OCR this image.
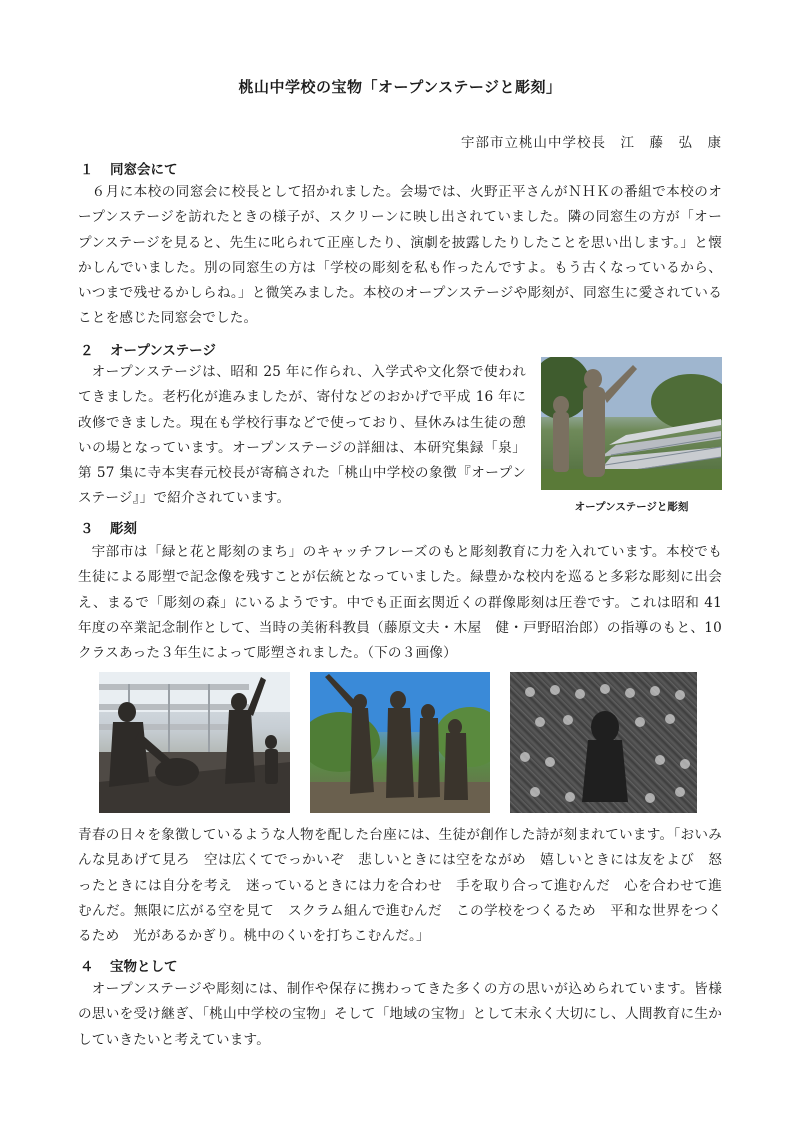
桃山中学校の宝物「オープンステージと彫刻」
宇部市立桃山中学校長　江　藤　弘　康
１ 同窓会にて
６月に本校の同窓会に校長として招かれました。会場では、火野正平さんがＮＨＫの番組で本校のオープンステージを訪れたときの様子が、スクリーンに映し出されていました。隣の同窓生の方が「オープンステージを見ると、先生に叱られて正座したり、演劇を披露したりしたことを思い出します。」と懐かしんでいました。別の同窓生の方は「学校の彫刻を私も作ったんですよ。もう古くなっているから、いつまで残せるかしらね。」と微笑みました。本校のオープンステージや彫刻が、同窓生に愛されていることを感じた同窓会でした。
２ オープンステージ
オープンステージは、昭和 25 年に作られ、入学式や文化祭で使われてきました。老朽化が進みましたが、寄付などのおかげで平成 16 年に改修できました。現在も学校行事などで使っており、昼休みは生徒の憩いの場となっています。オープンステージの詳細は、本研究集録「泉」第 57 集に寺本実春元校長が寄稿された「桃山中学校の象徴『オープンステージ』」で紹介されています。
オープンステージと彫刻
３ 彫刻
宇部市は「緑と花と彫刻のまち」のキャッチフレーズのもと彫刻教育に力を入れています。本校でも生徒による彫塑で記念像を残すことが伝統となっていました。緑豊かな校内を巡ると多彩な彫刻に出会え、まるで「彫刻の森」にいるようです。中でも正面玄関近くの群像彫刻は圧巻です。これは昭和 41 年度の卒業記念制作として、当時の美術科教員（藤原文夫・木屋　健・戸野昭治郎）の指導のもと、10 クラスあった３年生によって彫塑されました。（下の３画像）
青春の日々を象徴しているような人物を配した台座には、生徒が創作した詩が刻まれています。「おいみんな見あげて見ろ　空は広くてでっかいぞ　悲しいときには空をながめ　嬉しいときには友をよび　怒ったときには自分を考え　迷っているときには力を合わせ　手を取り合って進むんだ　心を合わせて進むんだ。無限に広がる空を見て　スクラム組んで進むんだ　この学校をつくるため　平和な世界をつくるため　光があるかぎり。桃中のくいを打ちこむんだ。」
４ 宝物として
オープンステージや彫刻には、制作や保存に携わってきた多くの方の思いが込められています。皆様の思いを受け継ぎ、「桃山中学校の宝物」そして「地域の宝物」として末永く大切にし、人間教育に生かしていきたいと考えています。
